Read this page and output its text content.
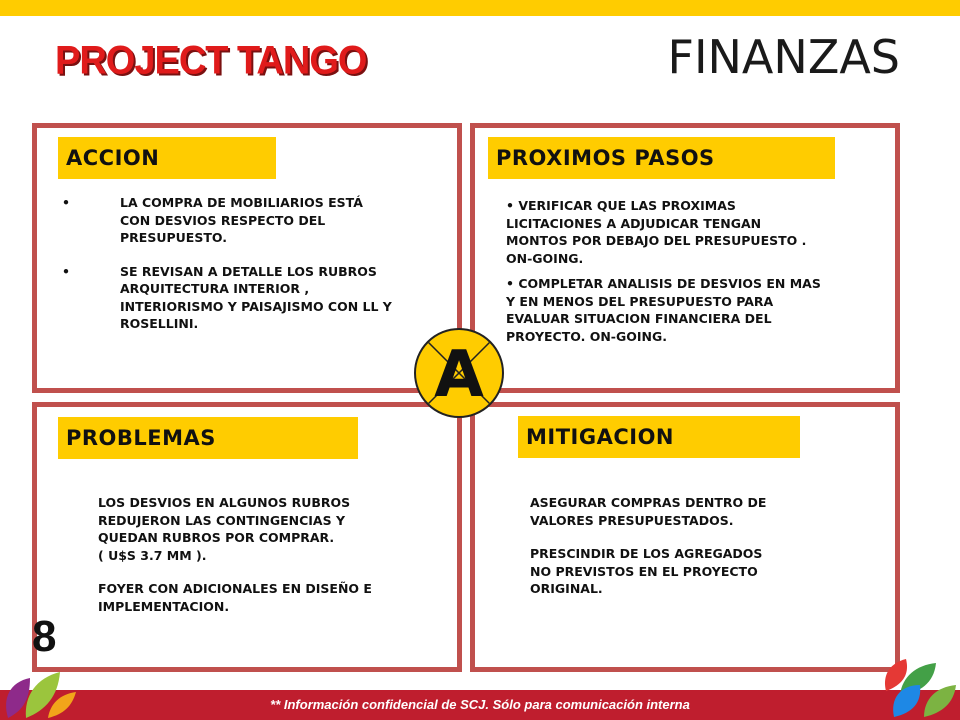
PROJECT TANGO	FINANZAS
ACCION
•	LA COMPRA DE MOBILIARIOS ESTÁ
CON DESVIOS RESPECTO DEL
PRESUPUESTO.
•	SE REVISAN A DETALLE LOS RUBROS
ARQUITECTURA INTERIOR ,
INTERIORISMO Y PAISAJISMO CON LL Y
ROSELLINI.
PROXIMOS PASOS
• VERIFICAR QUE LAS PROXIMAS
LICITACIONES A ADJUDICAR TENGAN
MONTOS POR DEBAJO DEL PRESUPUESTO .
ON-GOING.
• COMPLETAR ANALISIS DE DESVIOS EN MAS
Y EN MENOS DEL PRESUPUESTO PARA
EVALUAR SITUACION FINANCIERA DEL
PROYECTO. ON-GOING.
PROBLEMAS
LOS DESVIOS EN ALGUNOS RUBROS
REDUJERON LAS CONTINGENCIAS Y
QUEDAN RUBROS POR COMPRAR.
( U$S 3.7 MM ).
FOYER CON ADICIONALES EN DISEÑO E
IMPLEMENTACION.
MITIGACION
ASEGURAR COMPRAS DENTRO DE
VALORES PRESUPUESTADOS.
PRESCINDIR DE LOS AGREGADOS
NO PREVISTOS EN EL PROYECTO
ORIGINAL.
A
8
** Información confidencial de SCJ. Sólo para comunicación interna
